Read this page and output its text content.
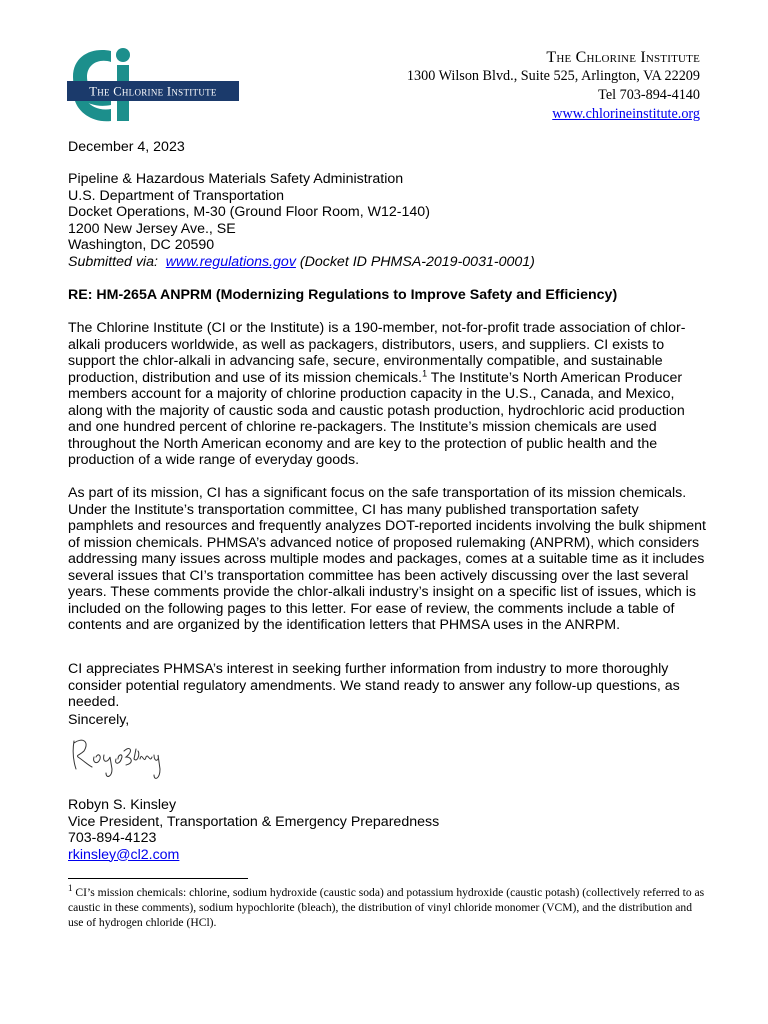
The Chlorine Institute
The Chlorine Institute
1300 Wilson Blvd., Suite 525, Arlington, VA 22209
Tel 703-894-4140
www.chlorineinstitute.org
December 4, 2023
Pipeline & Hazardous Materials Safety Administration
U.S. Department of Transportation
Docket Operations, M-30 (Ground Floor Room, W12-140)
1200 New Jersey Ave., SE
Washington, DC 20590
Submitted via: www.regulations.gov (Docket ID PHMSA-2019-0031-0001)
RE: HM-265A ANPRM (Modernizing Regulations to Improve Safety and Efficiency)

The Chlorine Institute (CI or the Institute) is a 190-member, not-for-profit trade association of chlor-alkali producers worldwide, as well as packagers, distributors, users, and suppliers. CI exists to support the chlor-alkali in advancing safe, secure, environmentally compatible, and sustainable production, distribution and use of its mission chemicals.$^1$ The Institute’s North American Producer members account for a majority of chlorine production capacity in the U.S., Canada, and Mexico, along with the majority of caustic soda and caustic potash production, hydrochloric acid production and one hundred percent of chlorine re-packagers. The Institute’s mission chemicals are used throughout the North American economy and are key to the protection of public health and the production of a wide range of everyday goods.

As part of its mission, CI has a significant focus on the safe transportation of its mission chemicals. Under the Institute’s transportation committee, CI has many published transportation safety pamphlets and resources and frequently analyzes DOT-reported incidents involving the bulk shipment of mission chemicals. PHMSA’s advanced notice of proposed rulemaking (ANPRM), which considers addressing many issues across multiple modes and packages, comes at a suitable time as it includes several issues that CI’s transportation committee has been actively discussing over the last several years. These comments provide the chlor-alkali industry’s insight on a specific list of issues, which is included on the following pages to this letter. For ease of review, the comments include a table of contents and are organized by the identification letters that PHMSA uses in the ANRPM.

CI appreciates PHMSA’s interest in seeking further information from industry to more thoroughly consider potential regulatory amendments. We stand ready to answer any follow-up questions, as needed.

Sincerely,
Robyn S. Kinsley
Vice President, Transportation & Emergency Preparedness
703-894-4123
rkinsley@cl2.com
$^1$ CI’s mission chemicals: chlorine, sodium hydroxide (caustic soda) and potassium hydroxide (caustic potash) (collectively referred to as caustic in these comments), sodium hypochlorite (bleach), the distribution of vinyl chloride monomer (VCM), and the distribution and use of hydrogen chloride (HCl).
